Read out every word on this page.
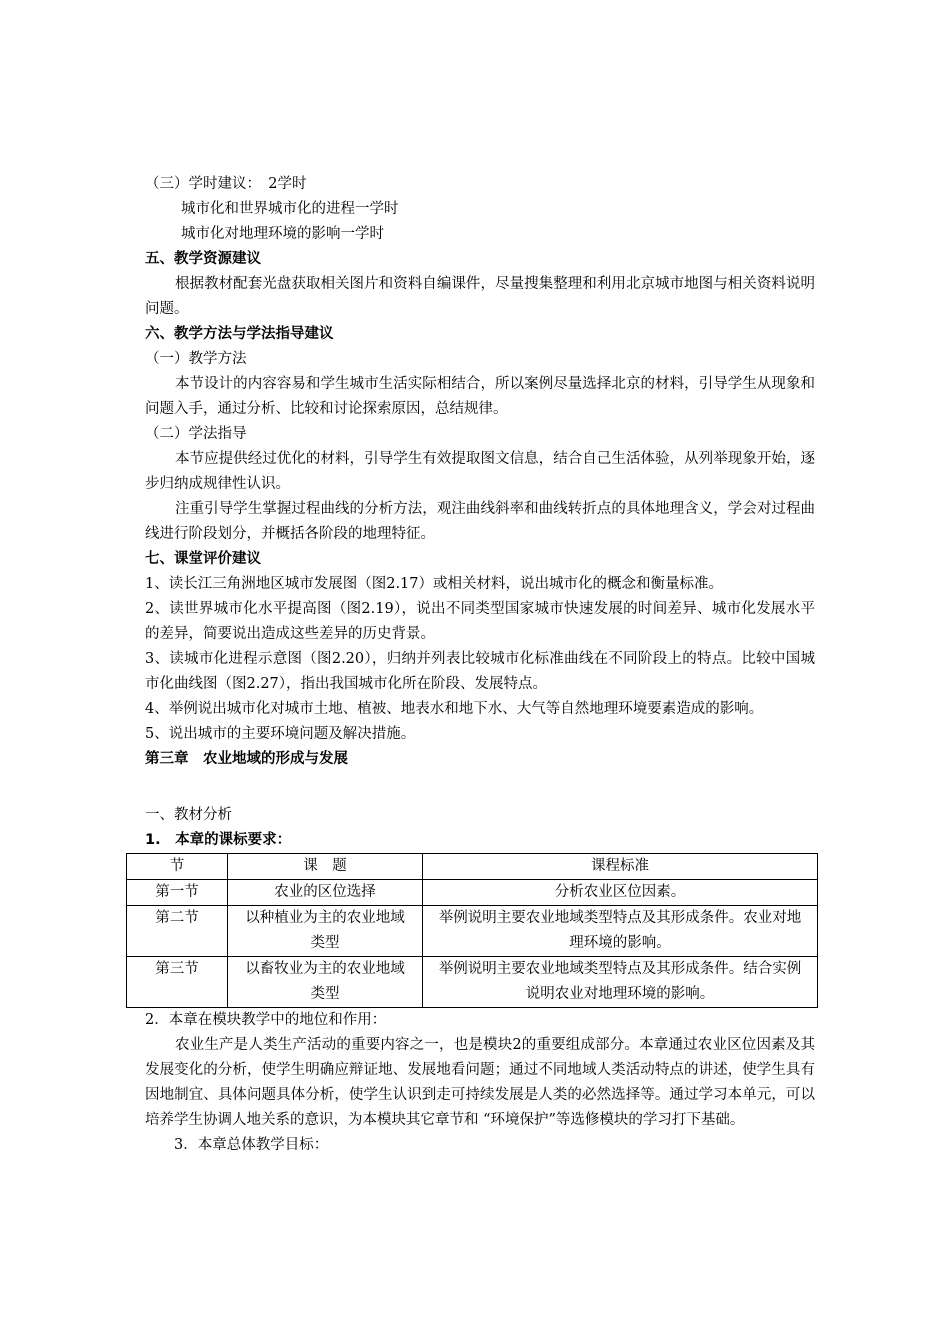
（三）学时建议：　2学时
城市化和世界城市化的进程一学时
城市化对地理环境的影响一学时
五、教学资源建议
根据教材配套光盘获取相关图片和资料自编课件，尽量搜集整理和利用北京城市地图与相关资料说明问题。
六、教学方法与学法指导建议
（一）教学方法
本节设计的内容容易和学生城市生活实际相结合，所以案例尽量选择北京的材料，引导学生从现象和问题入手，通过分析、比较和讨论探索原因，总结规律。
（二）学法指导
本节应提供经过优化的材料，引导学生有效提取图文信息，结合自己生活体验，从列举现象开始，逐步归纳成规律性认识。
注重引导学生掌握过程曲线的分析方法，观注曲线斜率和曲线转折点的具体地理含义，学会对过程曲线进行阶段划分，并概括各阶段的地理特征。
七、课堂评价建议
1、读长江三角洲地区城市发展图（图2.17）或相关材料，说出城市化的概念和衡量标准。
2、读世界城市化水平提高图（图2.19），说出不同类型国家城市快速发展的时间差异、城市化发展水平的差异，简要说出造成这些差异的历史背景。
3、读城市化进程示意图（图2.20），归纳并列表比较城市化标准曲线在不同阶段上的特点。比较中国城市化曲线图（图2.27），指出我国城市化所在阶段、发展特点。
4、举例说出城市化对城市土地、植被、地表水和地下水、大气等自然地理环境要素造成的影响。
5、说出城市的主要环境问题及解决措施。
第三章　农业地域的形成与发展
一、教材分析
1.　本章的课标要求：
节	课　题	课程标准
第一节	农业的区位选择	分析农业区位因素。
第二节	以种植业为主的农业地域类型	举例说明主要农业地域类型特点及其形成条件。农业对地理环境的影响。
第三节	以畜牧业为主的农业地域类型	举例说明主要农业地域类型特点及其形成条件。结合实例说明农业对地理环境的影响。
2．本章在模块教学中的地位和作用：
农业生产是人类生产活动的重要内容之一，也是模块2的重要组成部分。本章通过农业区位因素及其发展变化的分析，使学生明确应辩证地、发展地看问题；通过不同地域人类活动特点的讲述，使学生具有因地制宜、具体问题具体分析，使学生认识到走可持续发展是人类的必然选择等。通过学习本单元，可以培养学生协调人地关系的意识，为本模块其它章节和 “环境保护”等选修模块的学习打下基础。
3．本章总体教学目标：
